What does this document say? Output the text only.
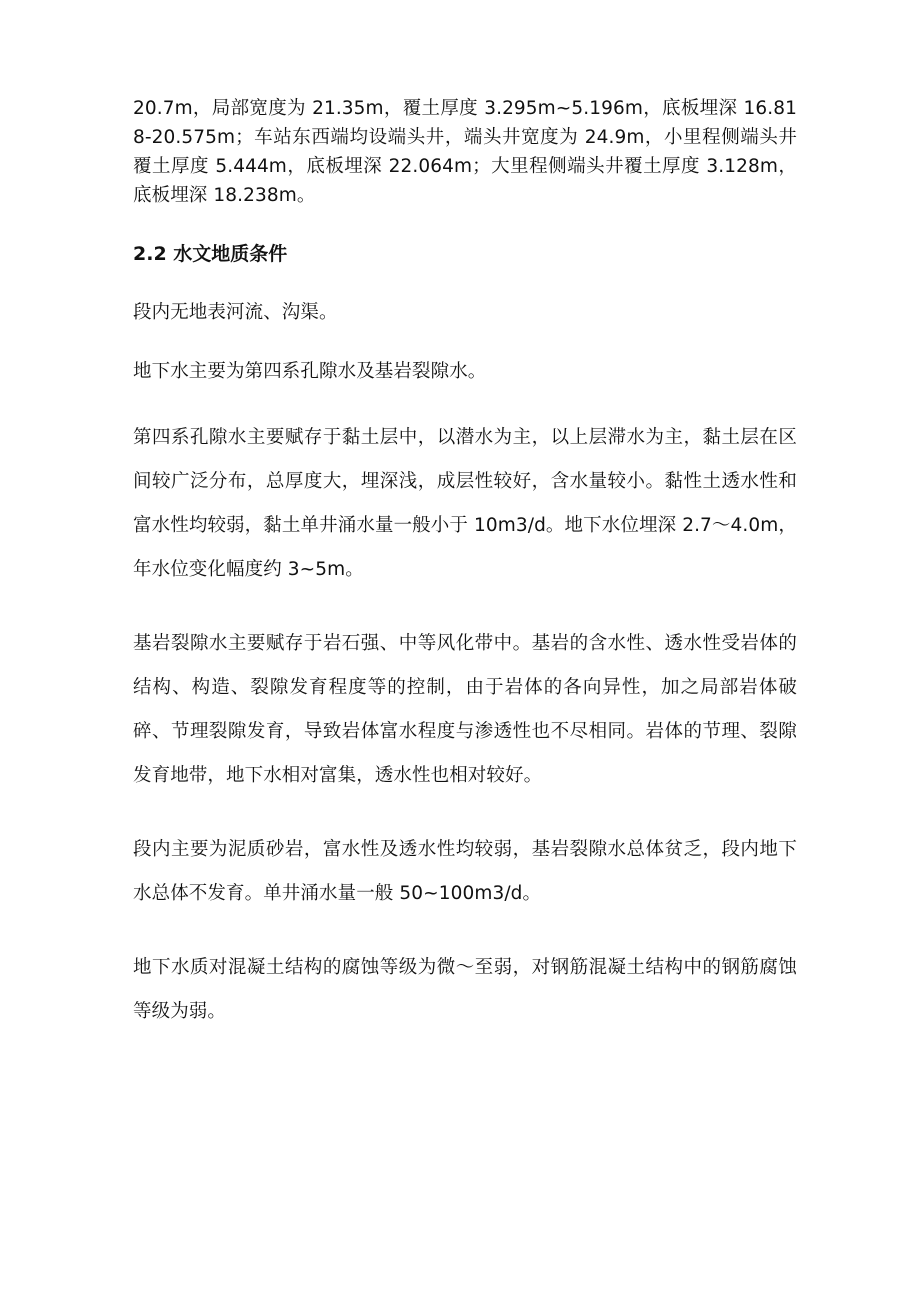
20.7m，局部宽度为 21.35m，覆土厚度 3.295m~5.196m，底板埋深 16.818-20.575m；车站东西端均设端头井，端头井宽度为 24.9m，小里程侧端头井覆土厚度 5.444m，底板埋深 22.064m；大里程侧端头井覆土厚度 3.128m，底板埋深 18.238m。

2.2 水文地质条件

段内无地表河流、沟渠。

地下水主要为第四系孔隙水及基岩裂隙水。

第四系孔隙水主要赋存于黏土层中，以潜水为主，以上层滞水为主，黏土层在区间较广泛分布，总厚度大，埋深浅，成层性较好，含水量较小。黏性土透水性和富水性均较弱，黏土单井涌水量一般小于 10m3/d。地下水位埋深 2.7～4.0m，年水位变化幅度约 3~5m。

基岩裂隙水主要赋存于岩石强、中等风化带中。基岩的含水性、透水性受岩体的结构、构造、裂隙发育程度等的控制，由于岩体的各向异性，加之局部岩体破碎、节理裂隙发育，导致岩体富水程度与渗透性也不尽相同。岩体的节理、裂隙发育地带，地下水相对富集，透水性也相对较好。

段内主要为泥质砂岩，富水性及透水性均较弱，基岩裂隙水总体贫乏，段内地下水总体不发育。单井涌水量一般 50~100m3/d。

地下水质对混凝土结构的腐蚀等级为微～至弱，对钢筋混凝土结构中的钢筋腐蚀等级为弱。
